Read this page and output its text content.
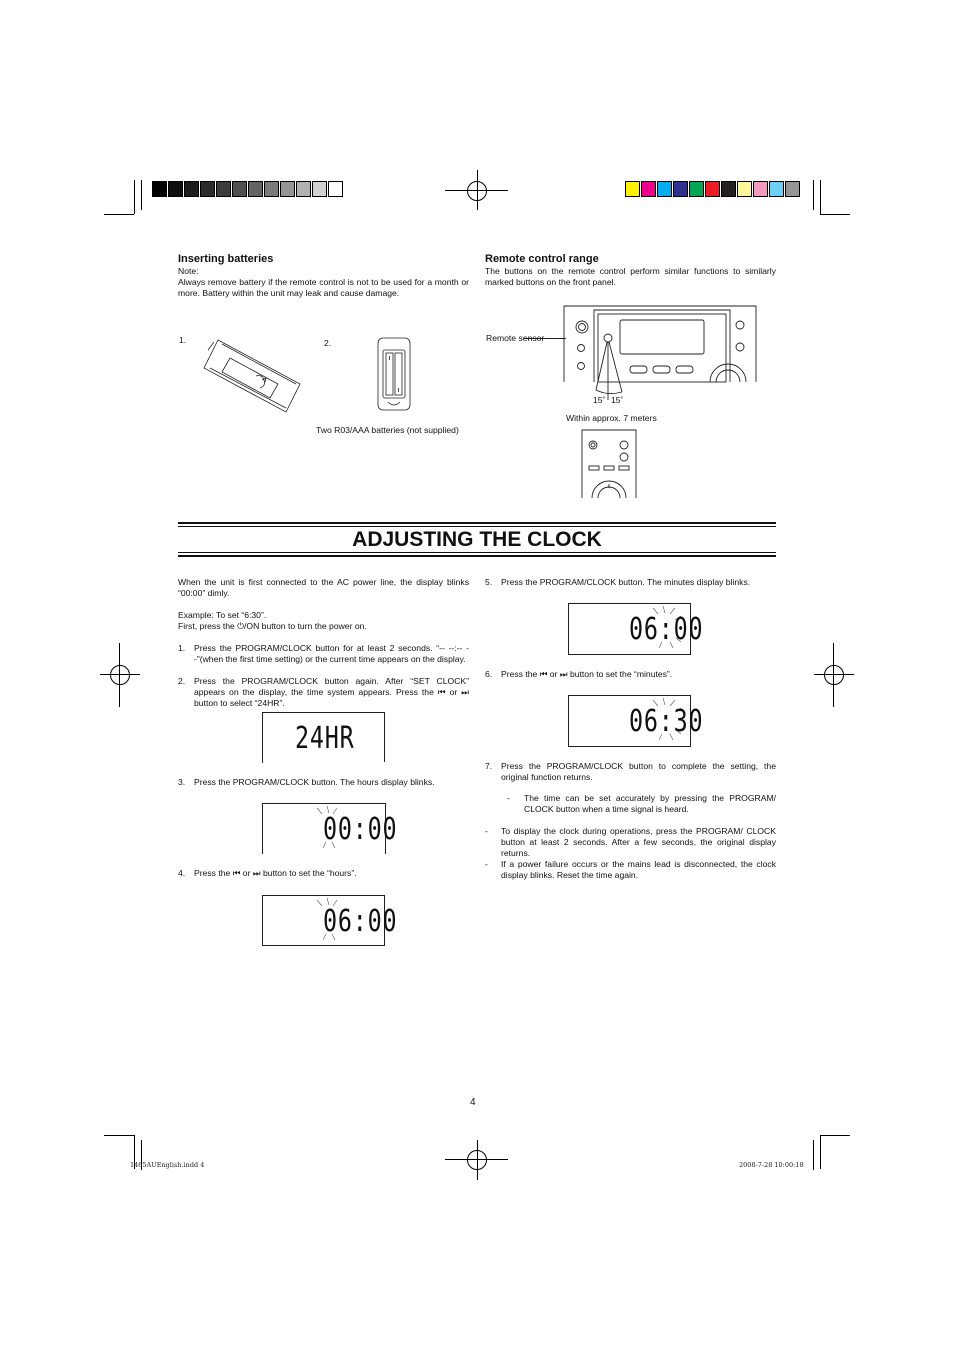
Inserting batteries
Note:
Always remove battery if the remote control is not to be used for a month or more. Battery within the unit may leak and cause damage.
1.	2.
Two R03/AAA batteries (not supplied)
Remote control range
The buttons on the remote control perform similar functions to similarly marked buttons on the front panel.
Remote sensor
15˚ 15˚
Within approx. 7 meters
ADJUSTING THE CLOCK
When the unit is first connected to the AC power line, the display blinks “00:00” dimly.
Example: To set “6:30”.
First, press the ⏻/ON button to turn the power on.
1. Press the PROGRAM/CLOCK button for at least 2 seconds. “-- --:-- --”(when the first time setting) or the current time appears on the display.
2. Press the PROGRAM/CLOCK button again. After “SET CLOCK” appears on the display, the time system appears. Press the ⏮ or ⏭ button to select “24HR”.
24HR
3. Press the PROGRAM/CLOCK button. The hours display blinks.
00:00
4. Press the ⏮ or ⏭ button to set the “hours”.
06:00
5. Press the PROGRAM/CLOCK button. The minutes display blinks.
06:00
6. Press the ⏮ or ⏭ button to set the “minutes”.
06:30
7. Press the PROGRAM/CLOCK button to complete the setting, the original function returns.
- The time can be set accurately by pressing the PROGRAM/ CLOCK button when a time signal is heard.
- To display the clock during operations, press the PROGRAM/ CLOCK button at least 2 seconds. After a few seconds, the original display returns.
- If a power failure occurs or the mains lead is disconnected, the clock display blinks. Reset the time again.
4
1465AUEnglish.indd 4	2008-7-28 10:00:18
